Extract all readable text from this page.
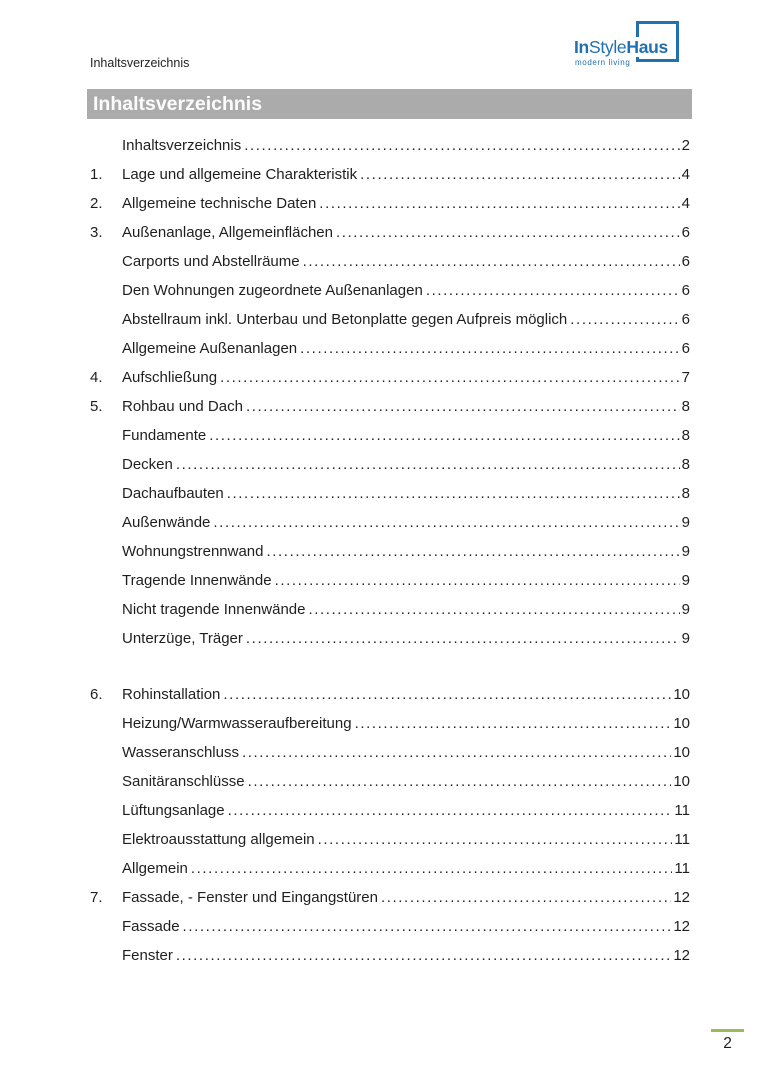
Inhaltsverzeichnis
InStyleHaus
modern living
Inhaltsverzeichnis
Inhaltsverzeichnis .....	2
1.	Lage und allgemeine Charakteristik .....	4
2.	Allgemeine technische Daten .....	4
3.	Außenanlage, Allgemeinflächen .....	6
Carports und Abstellräume .....	6
Den Wohnungen zugeordnete Außenanlagen .....	6
Abstellraum inkl. Unterbau und Betonplatte gegen Aufpreis möglich .....	6
Allgemeine Außenanlagen .....	6
4.	Aufschließung .....	7
5.	Rohbau und Dach .....	8
Fundamente .....	8
Decken .....	8
Dachaufbauten .....	8
Außenwände .....	9
Wohnungstrennwand .....	9
Tragende Innenwände .....	9
Nicht tragende Innenwände .....	9
Unterzüge, Träger .....	9
6.	Rohinstallation .....	10
Heizung/Warmwasseraufbereitung .....	10
Wasseranschluss .....	10
Sanitäranschlüsse .....	10
Lüftungsanlage .....	11
Elektroausstattung allgemein .....	11
Allgemein .....	11
7.	Fassade, - Fenster und Eingangstüren .....	12
Fassade .....	12
Fenster .....	12
2
